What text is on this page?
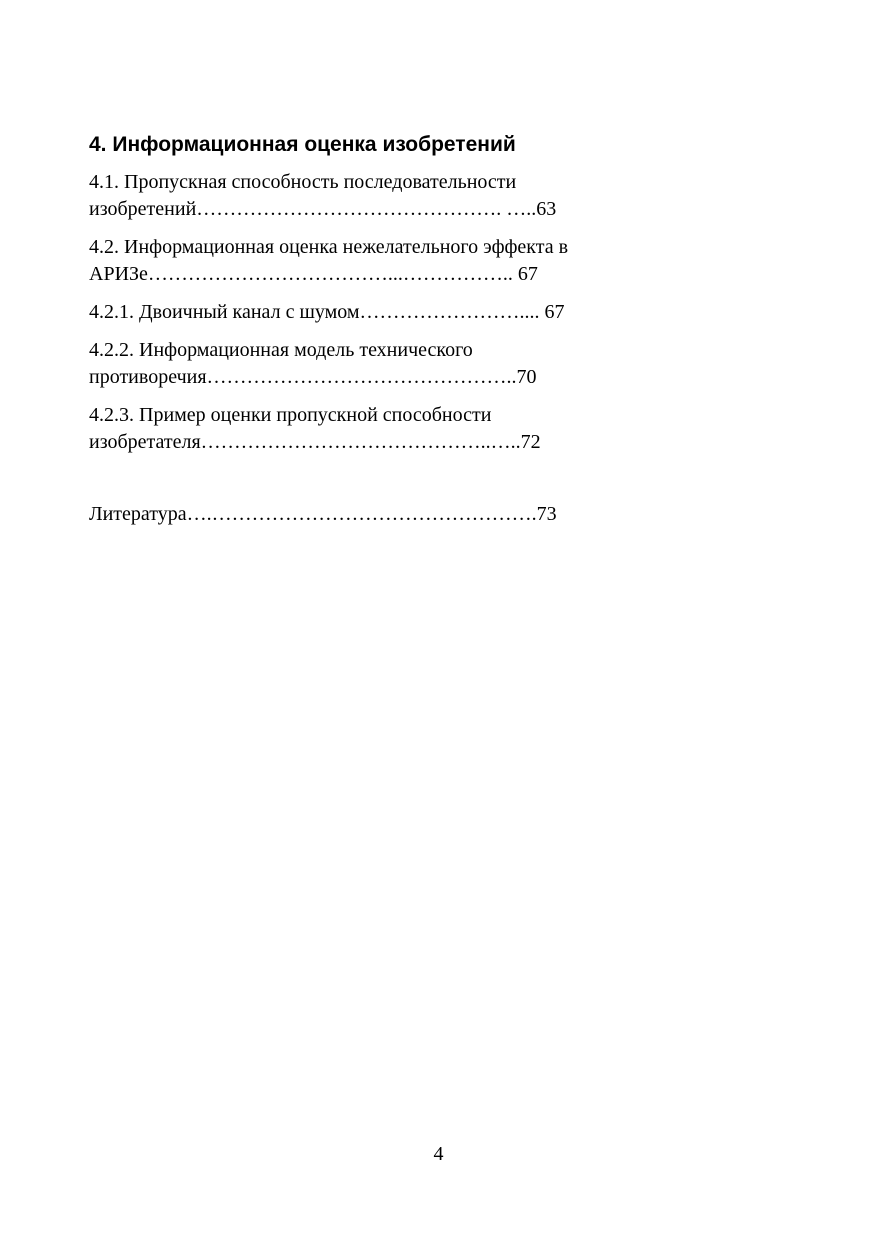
4. Информационная оценка изобретений
4.1. Пропускная способность последовательности
изобретений………………………………………. …..63
4.2. Информационная оценка нежелательного эффекта в
АРИЗе………………………………...…………….. 67
4.2.1. Двоичный канал с шумом…………………….... 67
4.2.2. Информационная модель технического
противоречия………………………………………..70
4.2.3. Пример оценки пропускной способности
изобретателя……………………………………..…..72
Литература….………………………………………….73
4
